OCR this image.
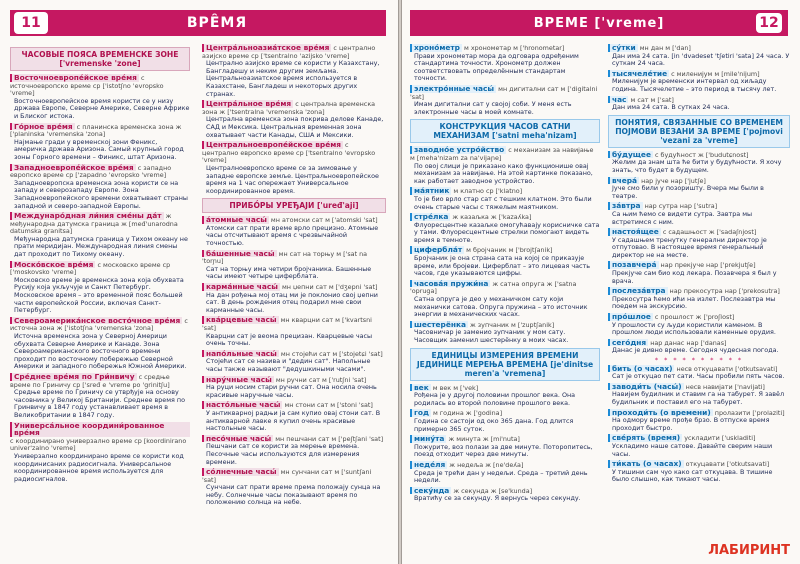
11	ВРЕ̑МЯ
ЧАСОВЫЕ ПОЯСА ВРЕМЕНСКЕ ЗОНЕ ['vremenske 'zone]
Восточноевропе́йское вре́мя с источноевропско време ср ['istotʃno 'evropsko 'vreme]
Восточноевропейское время користи се у низу држава Европе, Северне Америке, Северне Африке и Блиског истока.
Го́рное вре́мя с планинска временска зона ж ['planinska 'vremenska 'zona]
Најмање гради у временској зони Феникс, америчка држава Аризона. Самый крупный город зоны Горного времени – Финикс, штат Аризона.
Западноевропе́йское вре́мя с западно европско време ср ['zapadno 'evropsko 'vreme]
Западноевропска временска зона користи се на западу и северозападу Европе. Зона Западноевропейского времени охватывает страны западной и северо-западной Европы.
Междунаро́дная ли́ния сме́ны да́т ж међународна датумска граница ж [međ'unarodna datumska granitsa]
Међународна датумска граница у Тихом океану не прати меридијан. Международная линия смены дат проходит по Тихому океану.
Моско́вское вре́мя с московско време ср ['moskovsko 'vreme]
Московско време је временска зона која обухвата Русију која укључује и Санкт Петербург. Московское время – это временной пояс большей части европейской России, включая Санкт-Петербург.
Североамерика́нское восто́чное вре́мя с источна зона ж ['istotʃna 'vremenska 'zona]
Источна временска зона у Северној Америци обухвата Северне Америке и Канаде. Зона Североамериканского восточного времени проходит по восточному побережью Северной Америки и западного побережья Южной Америки.
Сре́днее вре́мя по Гри́нвичу с средње време по Гриничу ср ['sređ e 'vreme po 'grinitʃu]
Средње време по Гриничу се утврђује на основу часовника у Великој Британији. Среднее время по Гринвичу в 1847 году устанавливает время в Великобритании в 1847 году.
Универса́льное координи́рованное вре́мя с координирано универзално време ср [koordinirano univer'zalno 'vreme]
Универзално координирано време се користи код координисаних радиосигнала. Универсальное координированное время используется для радиосигналов.
Центра́льноазиа́тское вре́мя с централно азијско време ср ['tsentralno 'azijsko 'vreme]
Централно азијско време се користи у Казахстану, Бангладешу и неким другим земљама. Центральноазиатское время используется в Казахстане, Бангладеш и некоторых других странах.
Центра́льное вре́мя с централна временска зона ж ['tsentralna 'vremenska 'zona]
Централна временска зона покрива делове Канаде, САД и Мексика. Центральная временная зона охватывает части Канады, США и Мексики.
Центральноевропе́йское вре́мя с централно европско време ср ['tsentralno 'evropsko 'vreme]
Централноевропско време се за зимовање у западне европске земље. Центральноевропейское время на 1 час опережает Универсальное координированное время.
ПРИБО́РЫ УРЕЂАЈИ ['uređ'aji]
а́томные часы́ мн атомски сат м ['atomski 'sat]
Атомски сат прати време врло прецизно. Атомные часы отсчитывают время с чрезвычайной точностью.
ба́шенные часы́ мн сат на торњу м ['sat na 'torɲu]
Сат на торњу има четири бројчаника. Башенные часы имеют четыре циферблата.
карма́нные часы́ мн џепни сат м ['dʒepni 'sat]
На дан рођења мој отац ми је поклонио свој џепни сат. В день рождения отец подарил мне свои карманные часы.
ква́рцевые часы́ мн кварцни сат м ['kvartsni 'sat]
Кварцни сат је веома прецизан. Кварцевые часы очень точны.
напо́льные часы́ мн стојећи сат м ['stojetɕi 'sat]
Стојећи сат се назива и "дедин сат". Напольные часы также называют "дедушкиными часами".
нару́чные часы́ мн ручни сат м ['rutʃni 'sat]
На руци носим стари ручни сат. Она носила очень красивые наручные часы.
насто́льные часы́ мн стони сат м ['stoni 'sat]
У антикварној радњи ја сам купио овај стони сат. В антикварной лавке я купил очень красивые настольные часы.
песо́чные часы́ мн пешчани сат м ['peʃtʃani 'sat]
Пешчани сат се користи за мерење времена. Песочные часы используются для измерения времени.
со́лнечные часы́ мн сунчани сат м ['suntʃani 'sat]
Сунчани сат прати време према положају сунца на небу. Солнечные часы показывают время по положению солнца на небе.
ВРЕМЕ ['vreme]	12
хроно́метр м хронометар м ['hronometar]
Прави хронометар мора да одговара одређеним стандартима точности. Хронометр должен соответствовать определённым стандартам точности.
электро́нные часы́ мн дигитални сат м ['digitalni 'sat]
Имам дигитални сат у својој соби. У меня есть электронные часы в моей комнате.
КОНСТРУКЦИЯ ЧАСОВ САТНИ МЕХАНИЗАМ ['satni meha'nizam]
заводно́е устро́йство с механизам за навијање м [meha'nizam za na'vijaɲe]
По овој слици је приказано како функционише овај механизам за навијање. На этой картинке показано, как работает заводное устройство.
ма́ятник м клатно ср ['klatno]
То је био врло стар сат с тешким клатном. Это были очень старые часы с тяжелым маятником.
стре́лка ж казаљка ж ['kazaʎka]
Флуоресцентне казаљке омогућавају корисничке сата у тами. Флуоресцентные стрелки помогают видеть время в темноте.
цифербла́т м бројчаник м ['brojtʃanik]
Бројчаник је она страна сата на којој се приказује време, или бројеви. Циферблат – это лицевая часть часов, где указываются цифры.
часова́я пружи́на ж сатна опруга ж ['satna 'opruga]
Сатна опруга је део у механичком сату који механички сатова. Опруга пружина – это источник энергии в механических часах.
шестерёнка ж зупчаник м ['zuptʃanik]
Часовничар је заменио зупчаник у мом сату. Часовщик заменил шестерёнку в моих часах.
ЕДИНИЦЫ ИЗМЕРЕНИЯ ВРЕМЕНИ ЈЕДИНИЦЕ МЕРЕЊА ВРЕМЕНА [je'dinitse meren'a 'vremena]
век м век м ['vek]
Рођена је у другој половини прошлог века. Она родилась во второй половине прошлого века.
год м година ж ['godina]
Година се састоји од око 365 дана. Год длится примерно 365 суток.
мину́та ж минута ж [mi'nuta]
Пожурите, воз полази за две минуте. Поторопитесь, поезд отходит через две минуты.
неде́ля ж недеља ж [ne'deʎa]
Среда је трећи дан у недељи. Среда – третий день недели.
секу́нда ж секунда ж [se'kunda]
Вратићу се за секунду. Я вернусь через секунду.
су́тки мн дан м ['dan]
Дан има 24 сата. [in 'dvadeset 'tʃetiri 'sata] 24 часа. У суткам 24 часа.
тысячеле́тие с миленијум м [mile'nijum]
Миленијум је временски интервал од хиљаду година. Тысячелетие – это период в тысячу лет.
час м сат м ['sat]
Дан има 24 сата. В сутках 24 часа.
ПОНЯТИЯ, СВЯЗАННЫЕ СО ВРЕМЕНЕМ ПОЈМОВИ ВЕЗАНИ ЗА ВРЕМЕ ['pojmovi 'vezani za 'vreme]
бу́дущее с будућност ж ['budutɕnost]
Желим да знам шта ће бити у будућности. Я хочу знать, что будет в будущем.
вчера́ нар јуче нар ['jutʃe]
Јуче смо били у позоришту. Вчера мы были в театре.
за́втра нар сутра нар ['sutra]
Са њим ћемо се видети сутра. Завтра мы встретимся с ним.
настоя́щее с садашњост ж ['sadaʃnjost]
У садашњем тренутку генерални директор је отпутовао. В настоящее время генеральный директор не на месте.
позавчера́ нар прекјуче нар ['prekjutʃe]
Прекјуче сам био код лекара. Позавчера я был у врача.
послеза́втра нар прекосутра нар ['prekosutra]
Прекосутра ћемо ићи на излет. Послезавтра мы поедем на экскурсию.
про́шлое с прошлост ж ['proʃlost]
У прошлости су људи користили каменом. В прошлом люди использовали каменные орудия.
сего́дня нар данас нар ['danas]
Данас је дивно време. Сегодня чудесная погода.
* * * * * * * * * *
бить (о часах) несв откуцавати ['otkutsavati]
Сат је откуцао пет сати. Часы пробили пять часов.
заводи́ть (часы́) несв навијати ['navijati]
Навијем будилник и ставим га на табурет. Я завёл будильник и поставил его на табурет.
проходи́ть (о времени) пролазити ['prolaziti]
На одмору време прође брзо. В отпуске время проходит быстро.
све́рять (время) ускладити ['uskladiti]
Ускладимо наше сатове. Давайте сверим наши часы.
ти́кать (о часах) откуцавати ['otkutsavati]
У тишини сам чуо како сат откуцава. В тишине было слышно, как тикают часы.
ЛАБИРИНТ
